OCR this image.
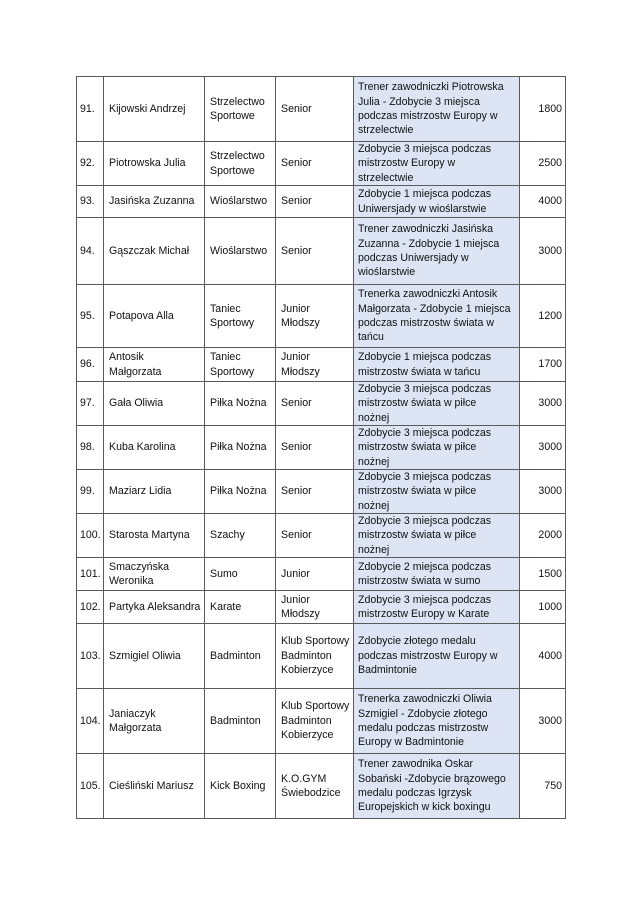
91.	Kijowski Andrzej	Strzelectwo
Sportowe	Senior	Trener zawodniczki Piotrowska
Julia - Zdobycie 3 miejsca
podczas mistrzostw Europy w
strzelectwie	1800
92.	Piotrowska Julia	Strzelectwo
Sportowe	Senior	Zdobycie 3 miejsca podczas
mistrzostw Europy w
strzelectwie	2500
93.	Jasińska Zuzanna	Wioślarstwo	Senior	Zdobycie 1 miejsca podczas
Uniwersjady w wioślarstwie	4000
94.	Gąszczak Michał	Wioślarstwo	Senior	Trener zawodniczki Jasińska
Zuzanna - Zdobycie 1 miejsca
podczas Uniwersjady w
wioślarstwie	3000
95.	Potapova Alla	Taniec
Sportowy	Junior
Młodszy	Trenerka zawodniczki Antosik
Małgorzata - Zdobycie 1 miejsca
podczas mistrzostw świata w
tańcu	1200
96.	Antosik
Małgorzata	Taniec
Sportowy	Junior
Młodszy	Zdobycie 1 miejsca podczas
mistrzostw świata w tańcu	1700
97.	Gała Oliwia	Piłka Nożna	Senior	Zdobycie 3 miejsca podczas
mistrzostw świata w piłce
nożnej	3000
98.	Kuba Karolina	Piłka Nożna	Senior	Zdobycie 3 miejsca podczas
mistrzostw świata w piłce
nożnej	3000
99.	Maziarz Lidia	Piłka Nożna	Senior	Zdobycie 3 miejsca podczas
mistrzostw świata w piłce
nożnej	3000
100.	Starosta Martyna	Szachy	Senior	Zdobycie 3 miejsca podczas
mistrzostw świata w piłce
nożnej	2000
101.	Smaczyńska
Weronika	Sumo	Junior	Zdobycie 2 miejsca podczas
mistrzostw świata w sumo	1500
102.	Partyka Aleksandra	Karate	Junior
Młodszy	Zdobycie 3 miejsca podczas
mistrzostw Europy w Karate	1000
103.	Szmigiel Oliwia	Badminton	Klub Sportowy
Badminton
Kobierzyce	Zdobycie złotego medalu
podczas mistrzostw Europy w
Badmintonie	4000
104.	Janiaczyk
Małgorzata	Badminton	Klub Sportowy
Badminton
Kobierzyce	Trenerka zawodniczki Oliwia
Szmigiel - Zdobycie złotego
medalu podczas mistrzostw
Europy w Badmintonie	3000
105.	Cieśliński Mariusz	Kick Boxing	K.O.GYM
Świebodzice	Trener zawodnika Oskar
Sobański -Zdobycie brązowego
medalu podczas Igrzysk
Europejskich w kick boxingu	750
